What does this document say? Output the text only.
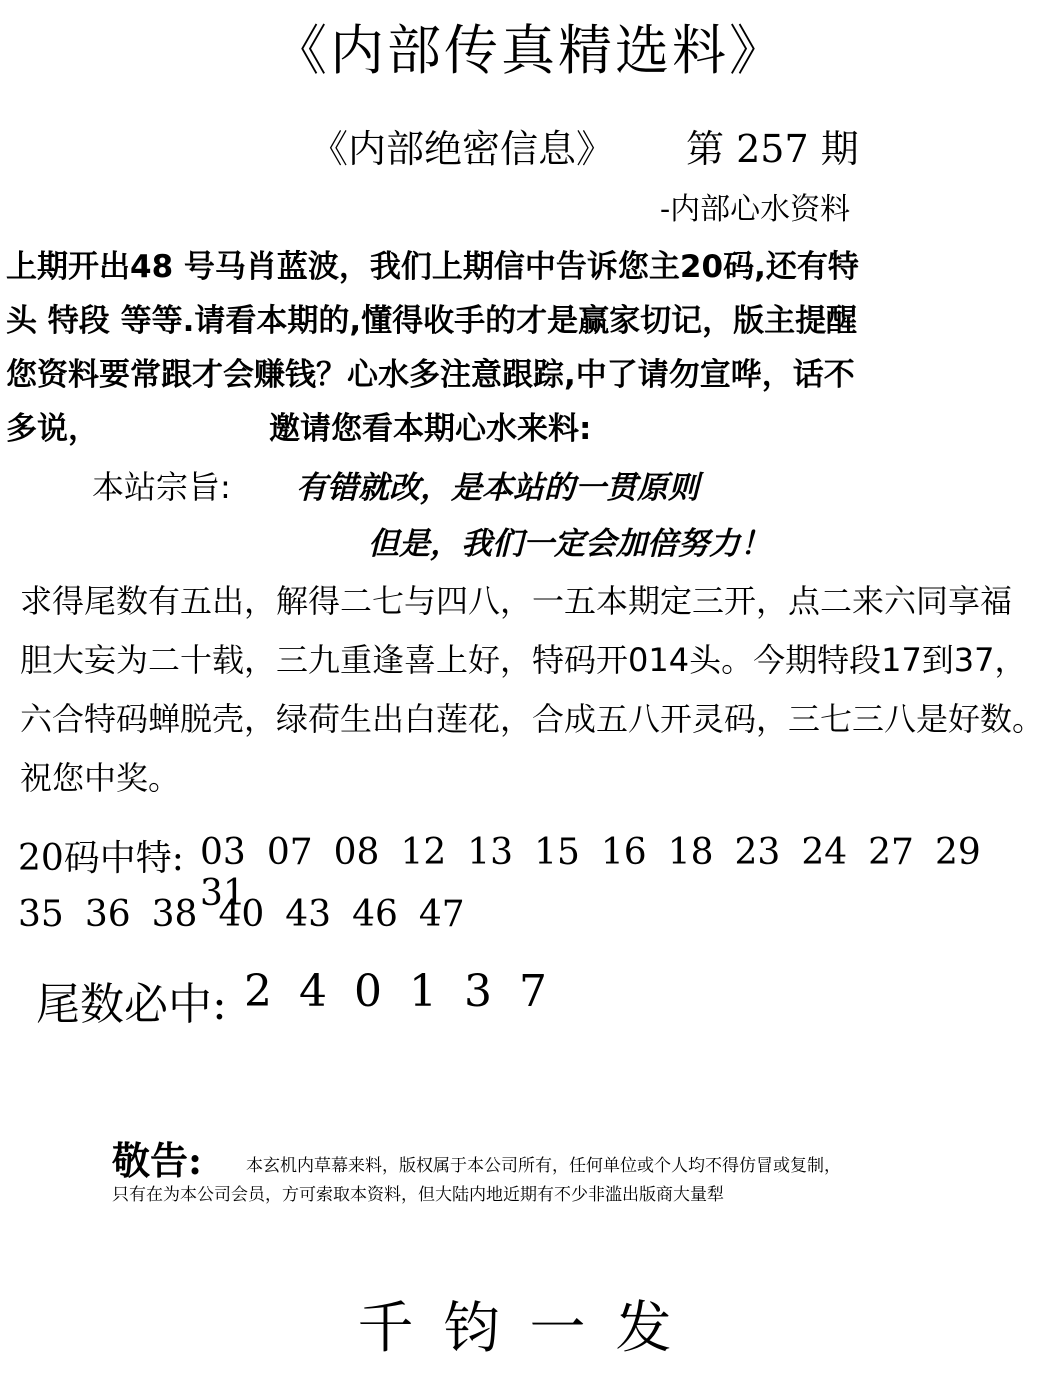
《内部传真精选料》
《内部绝密信息》 第 257 期
-内部心水资料
上期开出48 号马肖蓝波，我们上期信中告诉您主20码,还有特
头 特段 等等.请看本期的,懂得收手的才是赢家切记，版主提醒
您资料要常跟才会赚钱？心水多注意跟踪,中了请勿宣哗，话不
多说，	邀请您看本期心水来料:
本站宗旨: 有错就改，是本站的一贯原则
但是，我们一定会加倍努力！
求得尾数有五出，解得二七与四八，一五本期定三开，点二来六同享福
胆大妄为二十载，三九重逢喜上好，特码开014头。今期特段17到37，
六合特码蝉脱壳，绿荷生出白莲花，合成五八开灵码，三七三八是好数。
祝您中奖。
20码中特: 03 07 08 12 13 15 16 18 23 24 27 2931
35 36 38 40 43 46 47
尾数必中: 2 4 0 1 3 7
敬告:	本玄机内草幕来料，版权属于本公司所有，任何单位或个人均不得仿冒或复制，
只有在为本公司会员，方可索取本资料，但大陆内地近期有不少非滥出版商大量犁
千钧一发
